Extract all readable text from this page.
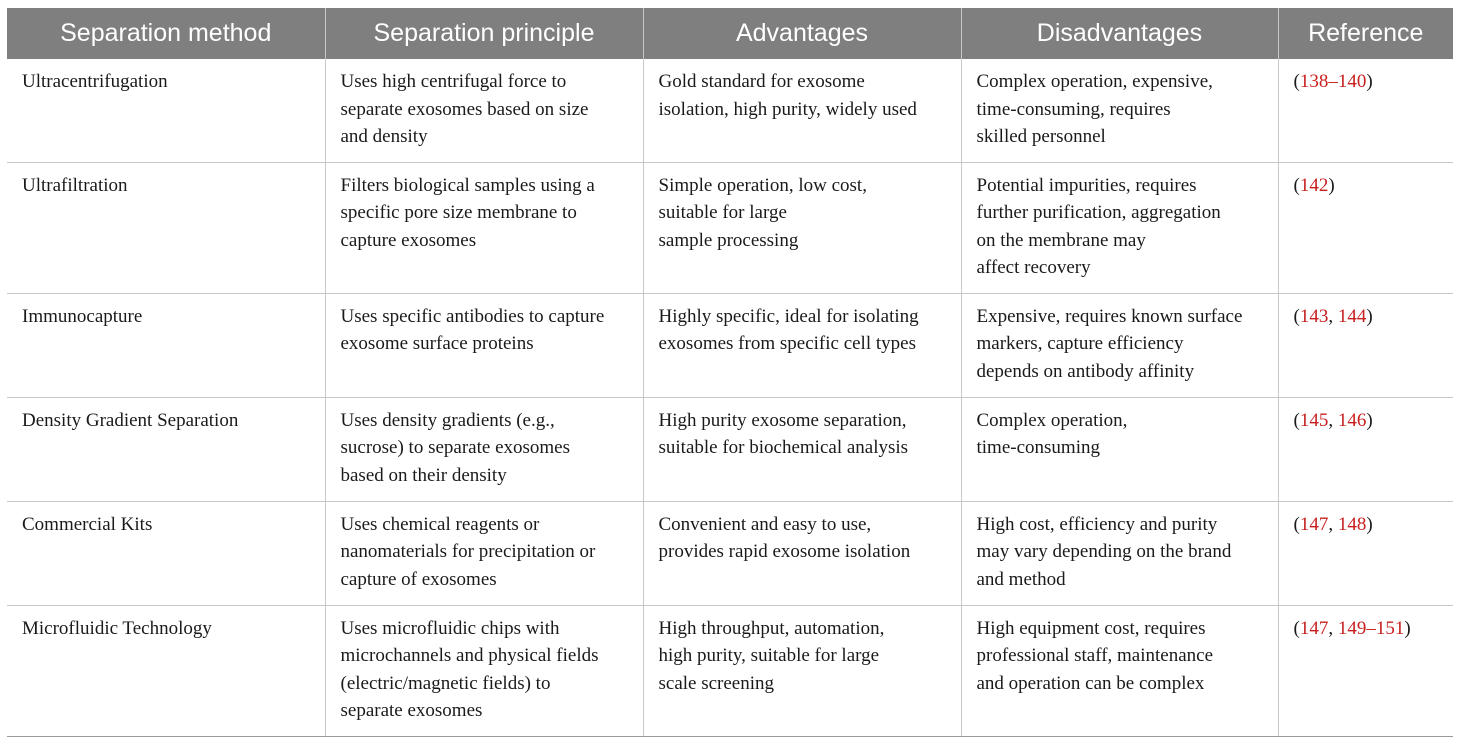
Separation method	Separation principle	Advantages	Disadvantages	Reference
Ultracentrifugation	Uses high centrifugal force to
separate exosomes based on size
and density	Gold standard for exosome
isolation, high purity, widely used	Complex operation, expensive,
time-consuming, requires
skilled personnel	(138–140)
Ultrafiltration	Filters biological samples using a
specific pore size membrane to
capture exosomes	Simple operation, low cost,
suitable for large
sample processing	Potential impurities, requires
further purification, aggregation
on the membrane may
affect recovery	(142)
Immunocapture	Uses specific antibodies to capture
exosome surface proteins	Highly specific, ideal for isolating
exosomes from specific cell types	Expensive, requires known surface
markers, capture efficiency
depends on antibody affinity	(143, 144)
Density Gradient Separation	Uses density gradients (e.g.,
sucrose) to separate exosomes
based on their density	High purity exosome separation,
suitable for biochemical analysis	Complex operation,
time-consuming	(145, 146)
Commercial Kits	Uses chemical reagents or
nanomaterials for precipitation or
capture of exosomes	Convenient and easy to use,
provides rapid exosome isolation	High cost, efficiency and purity
may vary depending on the brand
and method	(147, 148)
Microfluidic Technology	Uses microfluidic chips with
microchannels and physical fields
(electric/magnetic fields) to
separate exosomes	High throughput, automation,
high purity, suitable for large
scale screening	High equipment cost, requires
professional staff, maintenance
and operation can be complex	(147, 149–151)
